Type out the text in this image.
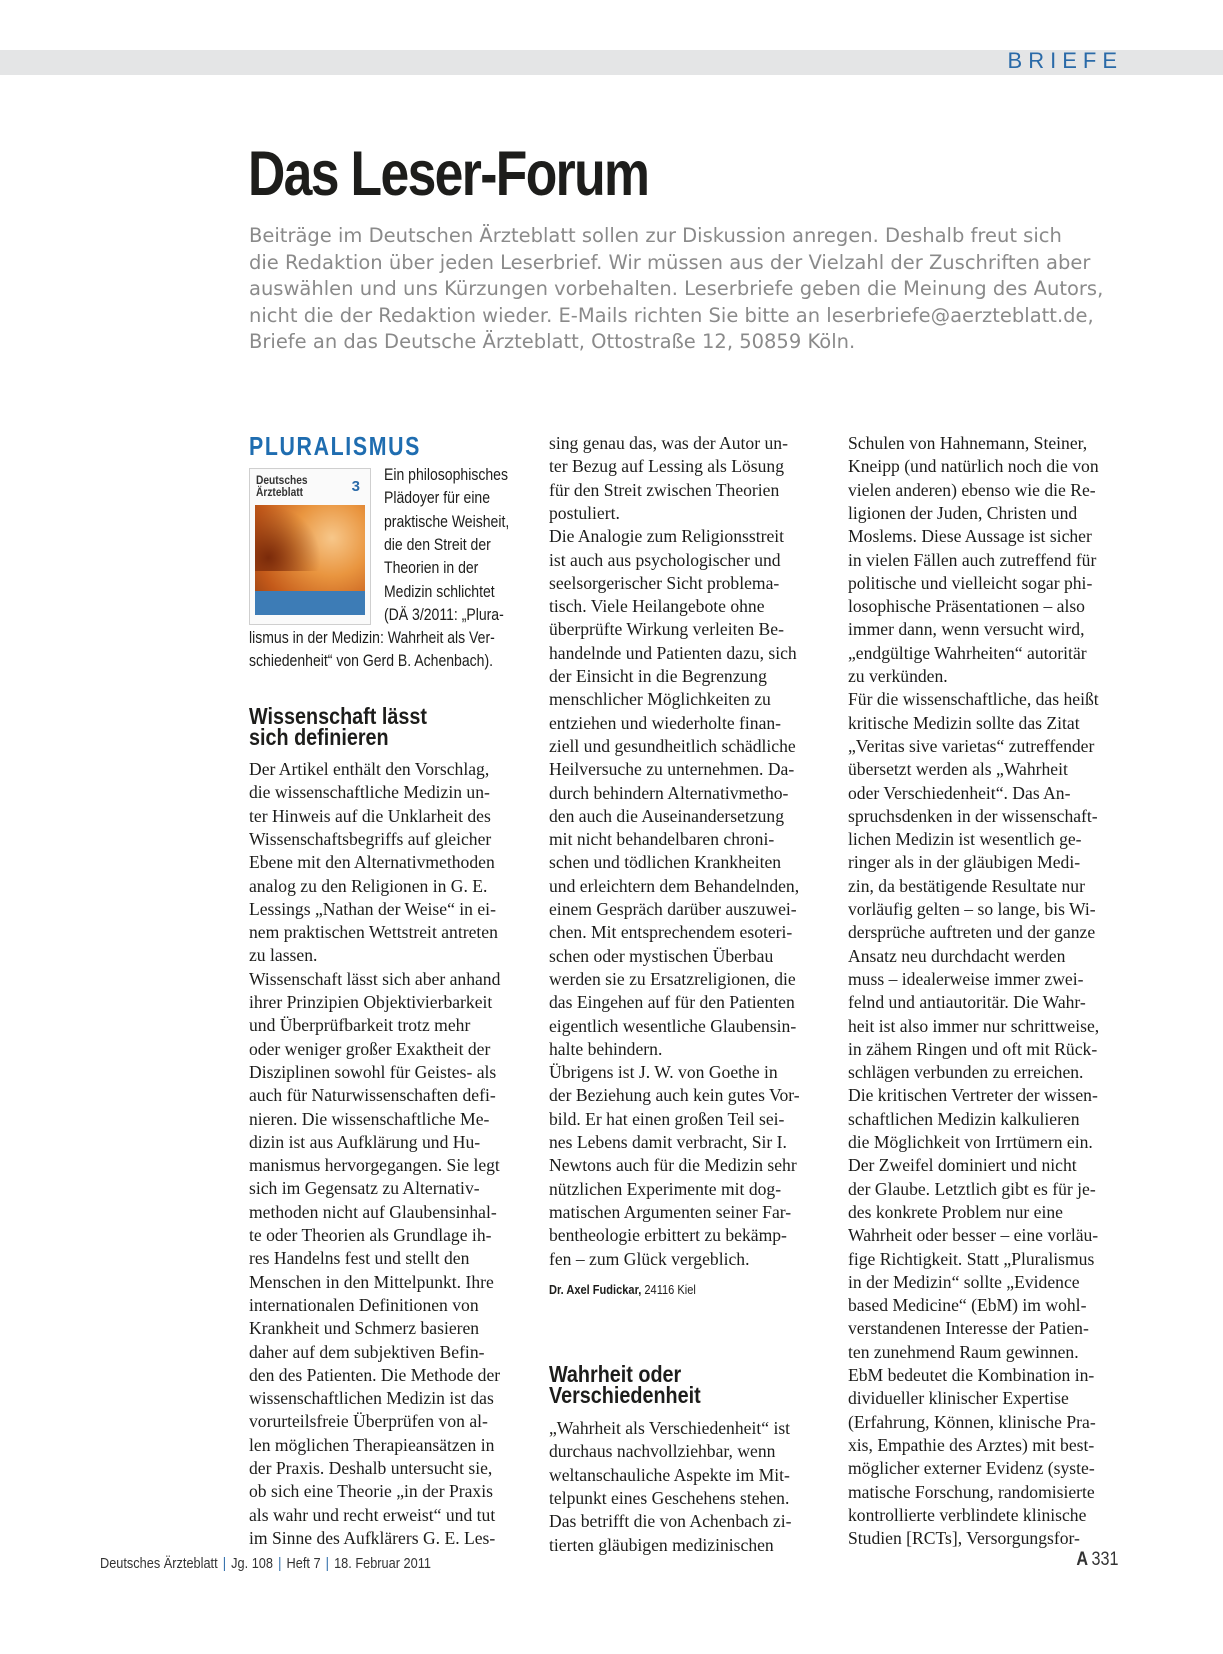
BRIEFE
Das Leser-Forum

Beiträge im Deutschen Ärzteblatt sollen zur Diskussion anregen. Deshalb freut sich

die Redaktion über jeden Leserbrief. Wir müssen aus der Vielzahl der Zuschriften aber

auswählen und uns Kürzungen vorbehalten. Leserbriefe geben die Meinung des Autors,

nicht die der Redaktion wieder. E-Mails richten Sie bitte an leserbriefe@aerzteblatt.de,

Briefe an das Deutsche Ärzteblatt, Ottostraße 12, 50859 Köln.

PLURALISMUS
Deutsches
Ärzteblatt	3
Ein philosophisches
Plädoyer für eine
praktische Weisheit,
die den Streit der
Theorien in der
Medizin schlichtet
(DÄ 3/2011: „Plura-
lismus in der Medizin: Wahrheit als Ver-
schiedenheit“ von Gerd B. Achenbach).
Wissenschaft lässt
sich definieren
Der Artikel enthält den Vorschlag,
die wissenschaftliche Medizin un-
ter Hinweis auf die Unklarheit des
Wissenschaftsbegriffs auf gleicher
Ebene mit den Alternativmethoden
analog zu den Religionen in G. E.
Lessings „Nathan der Weise“ in ei-
nem praktischen Wettstreit antreten
zu lassen.
Wissenschaft lässt sich aber anhand
ihrer Prinzipien Objektivierbarkeit
und Überprüfbarkeit trotz mehr
oder weniger großer Exaktheit der
Disziplinen sowohl für Geistes- als
auch für Naturwissenschaften defi-
nieren. Die wissenschaftliche Me-
dizin ist aus Aufklärung und Hu-
manismus hervorgegangen. Sie legt
sich im Gegensatz zu Alternativ-
methoden nicht auf Glaubensinhal-
te oder Theorien als Grundlage ih-
res Handelns fest und stellt den
Menschen in den Mittelpunkt. Ihre
internationalen Definitionen von
Krankheit und Schmerz basieren
daher auf dem subjektiven Befin-
den des Patienten. Die Methode der
wissenschaftlichen Medizin ist das
vorurteilsfreie Überprüfen von al-
len möglichen Therapieansätzen in
der Praxis. Deshalb untersucht sie,
ob sich eine Theorie „in der Praxis
als wahr und recht erweist“ und tut
im Sinne des Aufklärers G. E. Les-
sing genau das, was der Autor un-
ter Bezug auf Lessing als Lösung
für den Streit zwischen Theorien
postuliert.
Die Analogie zum Religionsstreit
ist auch aus psychologischer und
seelsorgerischer Sicht problema-
tisch. Viele Heilangebote ohne
überprüfte Wirkung verleiten Be-
handelnde und Patienten dazu, sich
der Einsicht in die Begrenzung
menschlicher Möglichkeiten zu
entziehen und wiederholte finan-
ziell und gesundheitlich schädliche
Heilversuche zu unternehmen. Da-
durch behindern Alternativmetho-
den auch die Auseinandersetzung
mit nicht behandelbaren chroni-
schen und tödlichen Krankheiten
und erleichtern dem Behandelnden,
einem Gespräch darüber auszuwei-
chen. Mit entsprechendem esoteri-
schen oder mystischen Überbau
werden sie zu Ersatzreligionen, die
das Eingehen auf für den Patienten
eigentlich wesentliche Glaubensin-
halte behindern.
Übrigens ist J. W. von Goethe in
der Beziehung auch kein gutes Vor-
bild. Er hat einen großen Teil sei-
nes Lebens damit verbracht, Sir I.
Newtons auch für die Medizin sehr
nützlichen Experimente mit dog-
matischen Argumenten seiner Far-
bentheologie erbittert zu bekämp-
fen – zum Glück vergeblich.
Dr. Axel Fudickar, 24116 Kiel
Wahrheit oder
Verschiedenheit
„Wahrheit als Verschiedenheit“ ist
durchaus nachvollziehbar, wenn
weltanschauliche Aspekte im Mit-
telpunkt eines Geschehens stehen.
Das betrifft die von Achenbach zi-
tierten gläubigen medizinischen
Schulen von Hahnemann, Steiner,
Kneipp (und natürlich noch die von
vielen anderen) ebenso wie die Re-
ligionen der Juden, Christen und
Moslems. Diese Aussage ist sicher
in vielen Fällen auch zutreffend für
politische und vielleicht sogar phi-
losophische Präsentationen – also
immer dann, wenn versucht wird,
„endgültige Wahrheiten“ autoritär
zu verkünden.
Für die wissenschaftliche, das heißt
kritische Medizin sollte das Zitat
„Veritas sive varietas“ zutreffender
übersetzt werden als „Wahrheit
oder Verschiedenheit“. Das An-
spruchsdenken in der wissenschaft-
lichen Medizin ist wesentlich ge-
ringer als in der gläubigen Medi-
zin, da bestätigende Resultate nur
vorläufig gelten – so lange, bis Wi-
dersprüche auftreten und der ganze
Ansatz neu durchdacht werden
muss – idealerweise immer zwei-
felnd und antiautoritär. Die Wahr-
heit ist also immer nur schrittweise,
in zähem Ringen und oft mit Rück-
schlägen verbunden zu erreichen.
Die kritischen Vertreter der wissen-
schaftlichen Medizin kalkulieren
die Möglichkeit von Irrtümern ein.
Der Zweifel dominiert und nicht
der Glaube. Letztlich gibt es für je-
des konkrete Problem nur eine
Wahrheit oder besser – eine vorläu-
fige Richtigkeit. Statt „Pluralismus
in der Medizin“ sollte „Evidence
based Medicine“ (EbM) im wohl-
verstandenen Interesse der Patien-
ten zunehmend Raum gewinnen.
EbM bedeutet die Kombination in-
dividueller klinischer Expertise
(Erfahrung, Können, klinische Pra-
xis, Empathie des Arztes) mit best-
möglicher externer Evidenz (syste-
matische Forschung, randomisierte
kontrollierte verblindete klinische
Studien [RCTs], Versorgungsfor-
Deutsches Ärzteblatt | Jg. 108 | Heft 7 | 18. Februar 2011	A 331
